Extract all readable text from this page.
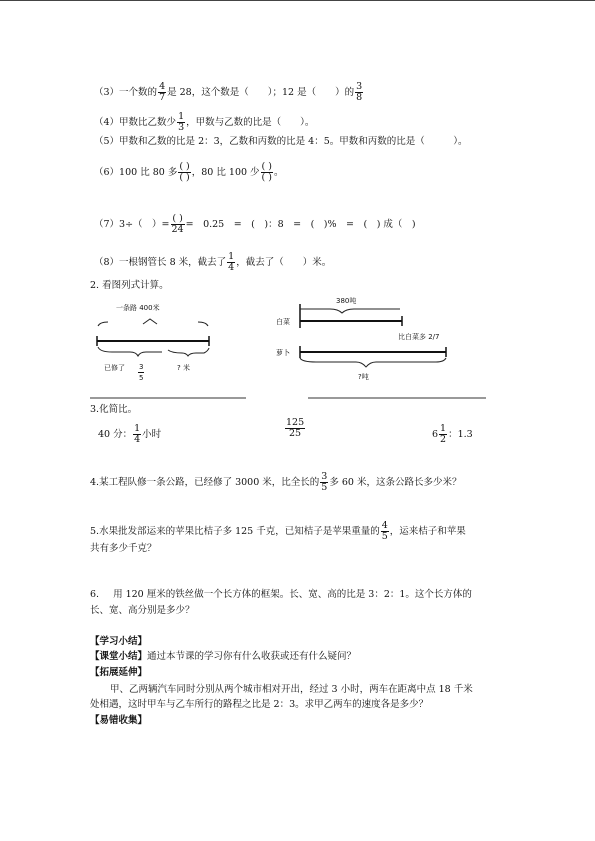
（3）一个数的 $\frac{4}{7}$ 是 28，这个数是（　　）；12 是（　　）的 $\frac{3}{8}$
（4）甲数比乙数少 $\frac{1}{3}$ ，甲数与乙数的比是（　　）。
（5）甲数和乙数的比是 2：3，乙数和丙数的比是 4：5。甲数和丙数的比是（　　　）。
（6）100 比 80 多 $\frac{( )}{( )}$ ，80 比 100 少 $\frac{( )}{( )}$ 。
（7）3÷（　）= $\frac{( )}{24}$ =　0.25　=　(　)：8　=　(　)%　=　(　) 成（　)
（8）一根钢管长 8 米，截去了 $\frac{1}{4}$ ，截去了（　　）米。
2. 看图列式计算。
一条路 400米
已修了 $\frac{3}{5}$	? 米
380吨
白菜
比白菜多 2/7
萝卜
?吨
3.化简比。
40 分： $\frac{1}{4}$ 小时	$\frac{125}{25}$	$6 \frac{1}{2}$ ：1.3
4.某工程队修一条公路，已经修了 3000 米，比全长的 $\frac{3}{5}$ 多 60 米，这条公路长多少米？
5.水果批发部运来的苹果比桔子多 125 千克，已知桔子是苹果重量的 $\frac{4}{5}$ ，运来桔子和苹果
共有多少千克？
6. 用 120 厘米的铁丝做一个长方体的框架。长、宽、高的比是 3：2：1。这个长方体的
长、宽、高分别是多少？
【学习小结】
【课堂小结】通过本节课的学习你有什么收获或还有什么疑问？
【拓展延伸】
甲、乙两辆汽车同时分别从两个城市相对开出，经过 3 小时，两车在距离中点 18 千米
处相遇，这时甲车与乙车所行的路程之比是 2：3。求甲乙两车的速度各是多少？
【易错收集】
